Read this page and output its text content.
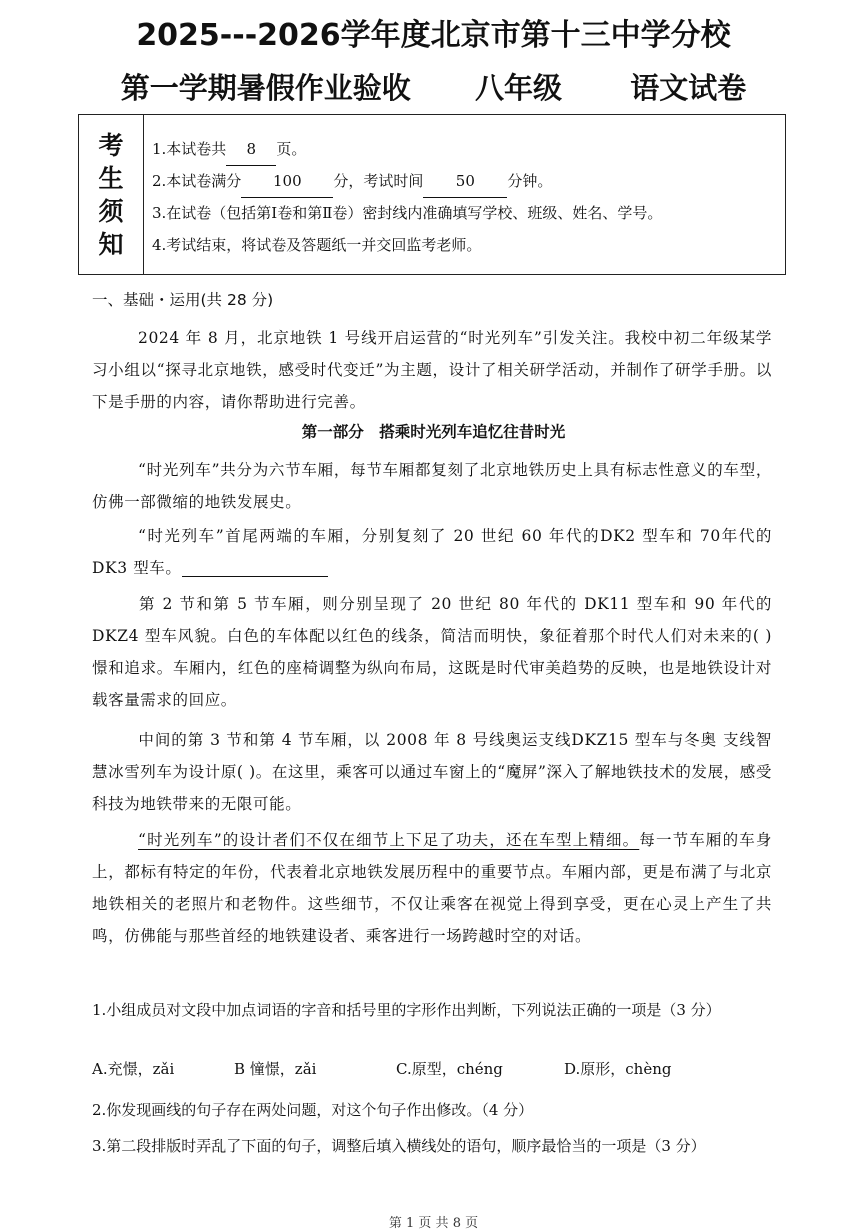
2025---2026学年度北京市第十三中学分校
第一学期暑假作业验收 八年级 语文试卷
考
生
须
知
1.本试卷共 8 页。
2.本试卷满分 100 分，考试时间 50 分钟。
3.在试卷（包括第Ⅰ卷和第Ⅱ卷）密封线内准确填写学校、班级、姓名、学号。
4.考试结束，将试卷及答题纸一并交回监考老师。
一、基础・运用(共 28 分)
2024 年 8 月，北京地铁 1 号线开启运营的“时光列车”引发关注。我校中初二年级某学习小组以“探寻北京地铁，感受时代变迁”为主题，设计了相关研学活动，并制作了研学手册。以下是手册的内容，请你帮助进行完善。
第一部分　搭乘时光列车追忆往昔时光
“时光列车”共分为六节车厢，每节车厢都复刻了北京地铁历史上具有标志性意义的车型，仿佛一部微缩的地铁发展史。
“时光列车”首尾两端的车厢，分别复刻了 20 世纪 60 年代的DK2 型车和 70年代的DK3 型车。
第 2 节和第 5 节车厢，则分别呈现了 20 世纪 80 年代的 DK11 型车和 90 年代的 DKZ4 型车风貌。白色的车体配以红色的线条，简洁而明快，象征着那个时代人们对未来的( )憬和追求。车厢内，红色的座椅调整为纵向布局，这既是时代审美趋势的反映，也是地铁设计对载客量需求的回应。
中间的第 3 节和第 4 节车厢，以 2008 年 8 号线奥运支线DKZ15 型车与冬奥 支线智慧冰雪列车为设计原( )。在这里，乘客可以通过车窗上的“魔屏”深入了解地铁技术的发展，感受科技为地铁带来的无限可能。
“时光列车”的设计者们不仅在细节上下足了功夫，还在车型上精细。每一节车厢的车身上，都标有特定的年份，代表着北京地铁发展历程中的重要节点。车厢内部，更是布满了与北京地铁相关的老照片和老物件。这些细节，不仅让乘客在视觉上得到享受，更在心灵上产生了共鸣，仿佛能与那些首经的地铁建设者、乘客进行一场跨越时空的对话。
1.小组成员对文段中加点词语的字音和括号里的字形作出判断，下列说法正确的一项是（3 分）
A.充憬，zǎi	B 憧憬，zǎi	C.原型，chéng	D.原形，chèng
2.你发现画线的句子存在两处问题，对这个句子作出修改。（4 分）
3.第二段排版时弄乱了下面的句子，调整后填入横线处的语句，顺序最恰当的一项是（3 分）
第 1 页 共 8 页
